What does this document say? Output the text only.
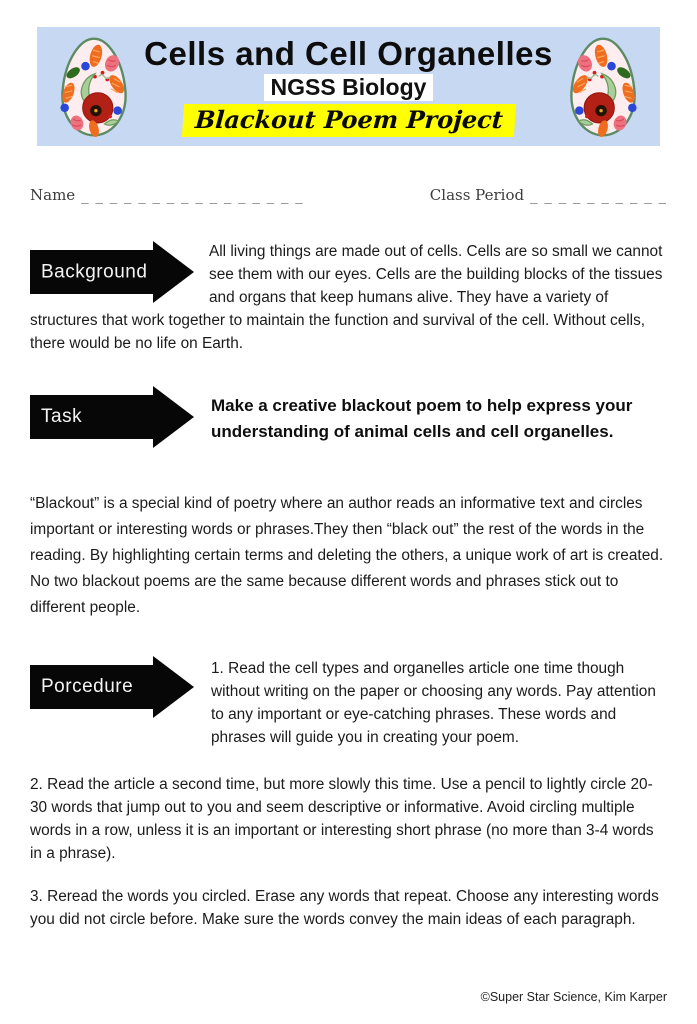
Cells and Cell Organelles
NGSS Biology
Blackout Poem Project
Name _ _ _ _ _ _ _ _ _ _ _ _ _ _ _ _	Class Period _ _ _ _ _ _ _ _ _ _
Background
All living things are made out of cells. Cells are so small we cannot see them with our eyes. Cells are the building blocks of the tissues and organs that keep humans alive. They have a variety of structures that work together to maintain the function and survival of the cell. Without cells, there would be no life on Earth.
Task
Make a creative blackout poem to help express your understanding of animal cells and cell organelles.
“Blackout” is a special kind of poetry where an author reads an informative text and circles important or interesting words or phrases.They then “black out” the rest of the words in the reading. By highlighting certain terms and deleting the others, a unique work of art is created. No two blackout poems are the same because different words and phrases stick out to different people.
Porcedure
1. Read the cell types and organelles article one time though without writing on the paper or choosing any words. Pay attention to any important or eye-catching phrases. These words and phrases will guide you in creating your poem.
2. Read the article a second time, but more slowly this time. Use a pencil to lightly circle 20-30 words that jump out to you and seem descriptive or informative. Avoid circling multiple words in a row, unless it is an important or interesting short phrase (no more than 3-4 words in a phrase).
3. Reread the words you circled. Erase any words that repeat. Choose any interesting words you did not circle before. Make sure the words convey the main ideas of each paragraph.
©Super Star Science, Kim Karper
